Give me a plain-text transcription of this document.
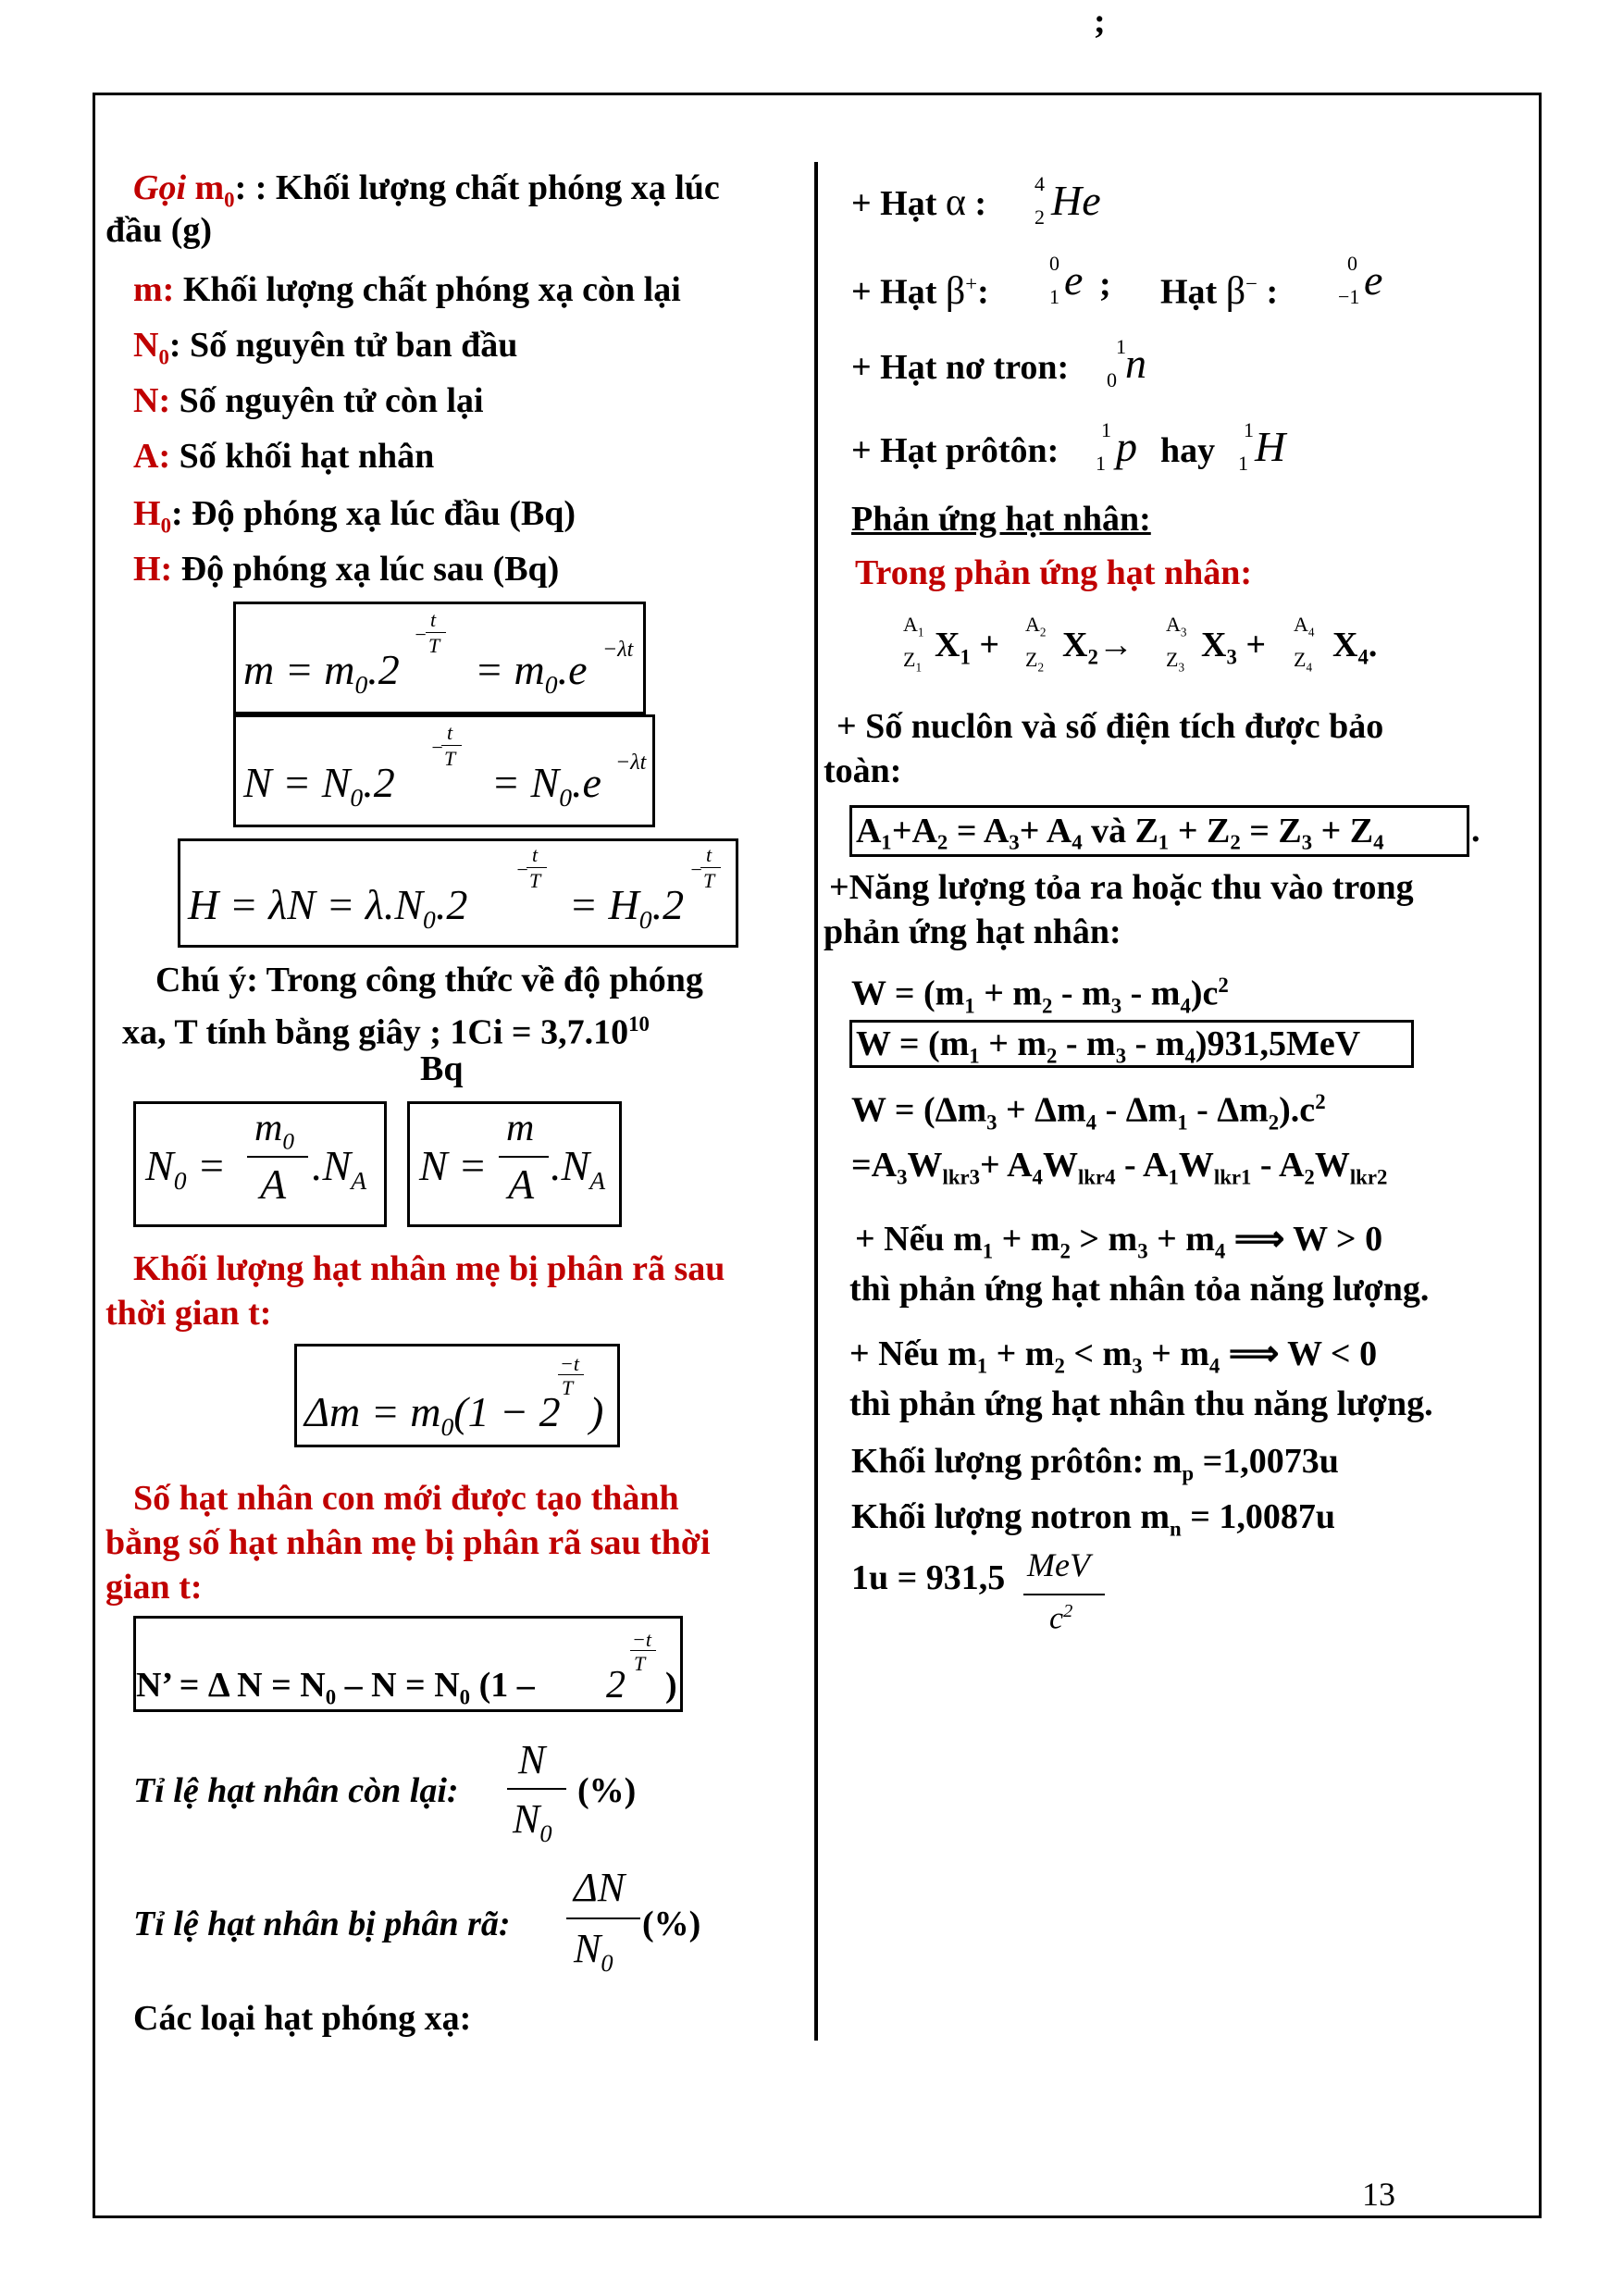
Gọi $m_0$: : Khối lượng chất phóng xạ lúc
đầu (g)
m: Khối lượng chất phóng xạ còn lại
$N_0$: Số nguyên tử ban đầu
N: Số nguyên tử còn lại
A: Số khối hạt nhân
$H_0$: Độ phóng xạ lúc đầu (Bq)
H: Độ phóng xạ lúc sau (Bq)
$m = m_0.2$
−
t
T
= $m_0.e -\lambda t$
$N = N_0.2$
−
t
T
= $N_0.e -\lambda t$
$H = \lambda N = \lambda.N_0.2$
−
t
T
= $H_0.2$
−
t
T
Chú ý: Trong công thức về độ phóng
xa, T tính bằng giây ; $1Ci = 3,7.10^{10}$
Bq
$N_0$ =
$m_0$
A $.N_A$ N =
m
A $.N_A$
Khối lượng hạt nhân mẹ bị phân rã sau
thời gian t:
$\Delta m = m_0(1 - 2$
−t
T
)
Số hạt nhân con mới được tạo thành
bằng số hạt nhân mẹ bị phân rã sau thời
gian t:
N’ = Δ $N = N_0 - N = N_0$ (1 – 2
−t
T
)
Tỉ lệ hạt nhân còn lại:
N
$N_0$
(%)
Tỉ lệ hạt nhân bị phân rã:
ΔN
$N_0$
(%)
Các loại hạt phóng xạ:
+ Hạt α :
4
2 He
+ Hạt β+:
0
1 e
;
; Hạt β− :
0
−1 e
+ Hạt nơ tron:
1
0 n
+ Hạt prôtôn:
1
1 p hay
1
1 H
Phản ứng hạt nhân:
Trong phản ứng hạt nhân:
$A_1$
$Z_1$
$X_1$ +
$A_2$
$Z_2$
$X_2\to$
$A_3$
$Z_3$
$X_3$ +
$A_4$
$Z_4$
$X_4$.
+ Số nuclôn và số điện tích được bảo
toàn:
A₁+A₂ = A₃+ A₄ và Z₁ + Z₂ = Z₃ + Z₄ .
+Năng lượng tỏa ra hoặc thu vào trong
phản ứng hạt nhân:
$W = (m_1 + m_2 - m_3 - m_4)c^2$
$W = (m_1 + m_2 - m_3 - m_4)931,5MeV$
$W = (\Delta m_3 + \Delta m_4 - \Delta m_1 - \Delta m_2).c^2$
$=A_3W_{lkr3}+ A_4W_{lkr4} - A_1W_{lkr1} - A_2W_{lkr2}$
+ Nếu $m_1 + m_2 > m_3 + m_4$ ⟹ W > 0
thì phản ứng hạt nhân tỏa năng lượng.
+ Nếu $m_1 + m_2 < m_3 + m_4$ ⟹ W < 0
thì phản ứng hạt nhân thu năng lượng.
Khối lượng prôtôn: $m_p =1,0073u$
Khối lượng notron $m_n = 1,0087u$
1u = 931,5 MeV
$c^2$
13
